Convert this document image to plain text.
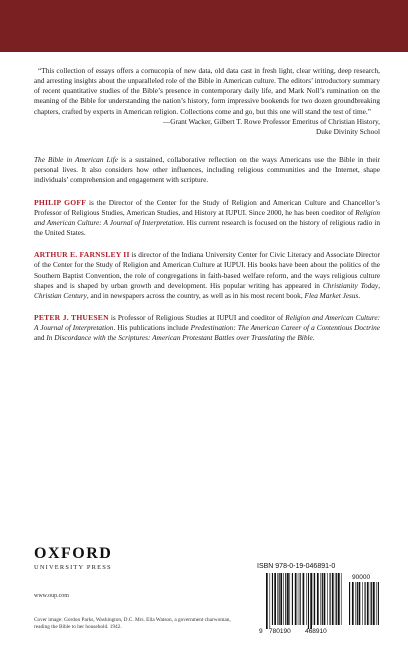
“This collection of essays offers a cornucopia of new data, old data cast in fresh light, clear writing, deep research, and arresting insights about the unparalleled role of the Bible in American culture. The editors’ introductory summary of recent quantitative studies of the Bible’s presence in contemporary daily life, and Mark Noll’s rumination on the meaning of the Bible for understanding the nation’s history, form impressive bookends for two dozen groundbreaking chapters, crafted by experts in American religion. Collections come and go, but this one will stand the test of time.”

—Grant Wacker, Gilbert T. Rowe Professor Emeritus of Christian History,
Duke Divinity School

The Bible in American Life is a sustained, collaborative reflection on the ways Americans use the Bible in their personal lives. It also considers how other influences, including religious communities and the Internet, shape individuals’ comprehension and engagement with scripture.

PHILIP GOFF is the Director of the Center for the Study of Religion and American Culture and Chancellor’s Professor of Religious Studies, American Studies, and History at IUPUI. Since 2000, he has been coeditor of Religion and American Culture: A Journal of Interpretation. His current research is focused on the history of religious radio in the United States.

ARTHUR E. FARNSLEY II is director of the Indiana University Center for Civic Literacy and Associate Director of the Center for the Study of Religion and American Culture at IUPUI. His books have been about the politics of the Southern Baptist Convention, the role of congregations in faith-based welfare reform, and the ways religious culture shapes and is shaped by urban growth and development. His popular writing has appeared in Christianity Today, Christian Century, and in newspapers across the country, as well as in his most recent book, Flea Market Jesus.

PETER J. THUESEN is Professor of Religious Studies at IUPUI and coeditor of Religion and American Culture: A Journal of Interpretation. His publications include Predestination: The American Career of a Contentious Doctrine and In Discordance with the Scriptures: American Protestant Battles over Translating the Bible.

OXFORD
UNIVERSITY PRESS
www.oup.com
Cover image: Gordon Parks, Washington, D.C. Mrs. Ella Watson, a government charwoman, reading the Bible to her household. 1942.
ISBN 978-0-19-046891-0
9 780190 468910
90000
